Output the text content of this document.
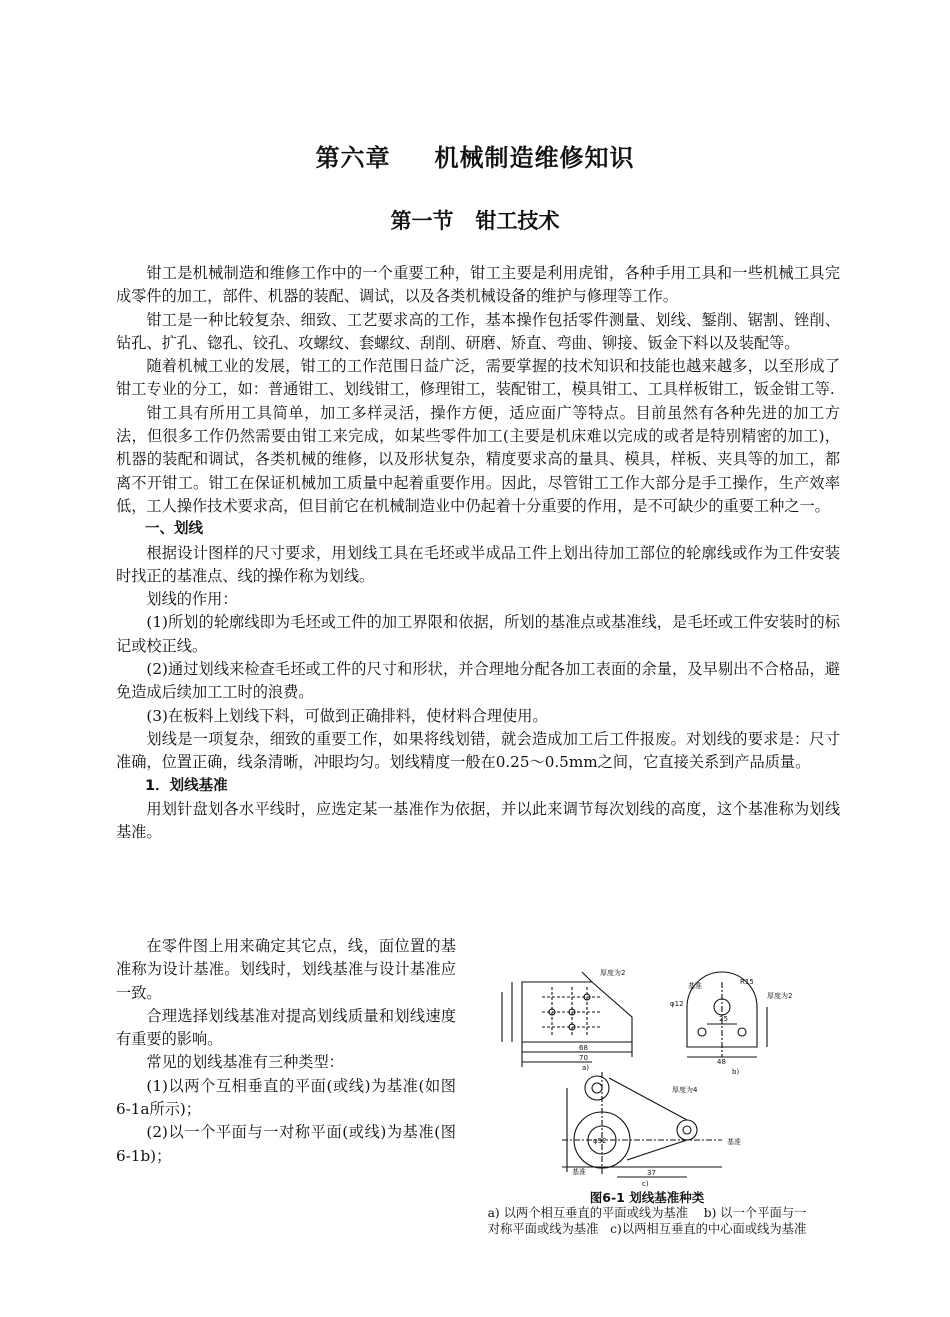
第六章 机械制造维修知识
第一节 钳工技术

钳工是机械制造和维修工作中的一个重要工种，钳工主要是利用虎钳，各种手用工具和一些机械工具完成零件的加工，部件、机器的装配、调试，以及各类机械设备的维护与修理等工作。

钳工是一种比较复杂、细致、工艺要求高的工作，基本操作包括零件测量、划线、錾削、锯割、锉削、钻孔、扩孔、锪孔、铰孔、攻螺纹、套螺纹、刮削、研磨、矫直、弯曲、铆接、钣金下料以及装配等。

随着机械工业的发展，钳工的工作范围日益广泛，需要掌握的技术知识和技能也越来越多，以至形成了钳工专业的分工，如：普通钳工、划线钳工，修理钳工，装配钳工，模具钳工、工具样板钳工，钣金钳工等.

钳工具有所用工具简单，加工多样灵活，操作方便，适应面广等特点。目前虽然有各种先进的加工方法，但很多工作仍然需要由钳工来完成，如某些零件加工(主要是机床难以完成的或者是特别精密的加工)，机器的装配和调试，各类机械的维修，以及形状复杂，精度要求高的量具、模具，样板、夹具等的加工，都离不开钳工。钳工在保证机械加工质量中起着重要作用。因此，尽管钳工工作大部分是手工操作，生产效率低，工人操作技术要求高，但目前它在机械制造业中仍起着十分重要的作用，是不可缺少的重要工种之一。

一、划线

根据设计图样的尺寸要求，用划线工具在毛坯或半成品工件上划出待加工部位的轮廓线或作为工件安装时找正的基准点、线的操作称为划线。

划线的作用：

(1)所划的轮廓线即为毛坯或工件的加工界限和依据，所划的基准点或基准线，是毛坯或工件安装时的标记或校正线。

(2)通过划线来检查毛坯或工件的尺寸和形状，并合理地分配各加工表面的余量，及早剔出不合格品，避免造成后续加工工时的浪费。

(3)在板料上划线下料，可做到正确排料，使材料合理使用。

划线是一项复杂，细致的重要工作，如果将线划错，就会造成加工后工件报废。对划线的要求是：尺寸准确，位置正确，线条清晰，冲眼均匀。划线精度一般在0.25～0.5mm之间，它直接关系到产品质量。

1．划线基准

用划针盘划各水平线时，应选定某一基准作为依据，并以此来调节每次划线的高度，这个基准称为划线基准。

在零件图上用来确定其它点，线，面位置的基准称为设计基准。划线时，划线基准与设计基准应一致。

合理选择划线基准对提高划线质量和划线速度有重要的影响。

常见的划线基准有三种类型：

(1)以两个互相垂直的平面(或线)为基准(如图6-1a所示)；

(2)以一个平面与一对称平面(或线)为基准(图6-1b)；

厚度为2
厚度为2
厚度为4
基准
基准
基准
68
70	48
37
25
R15
φ12
φ32
a)	b)
c)
图6-1 划线基准种类
a) 以两个相互垂直的平面或线为基准 b) 以一个平面与一对称平面或线为基准 c)以两相互垂直的中心面或线为基准
